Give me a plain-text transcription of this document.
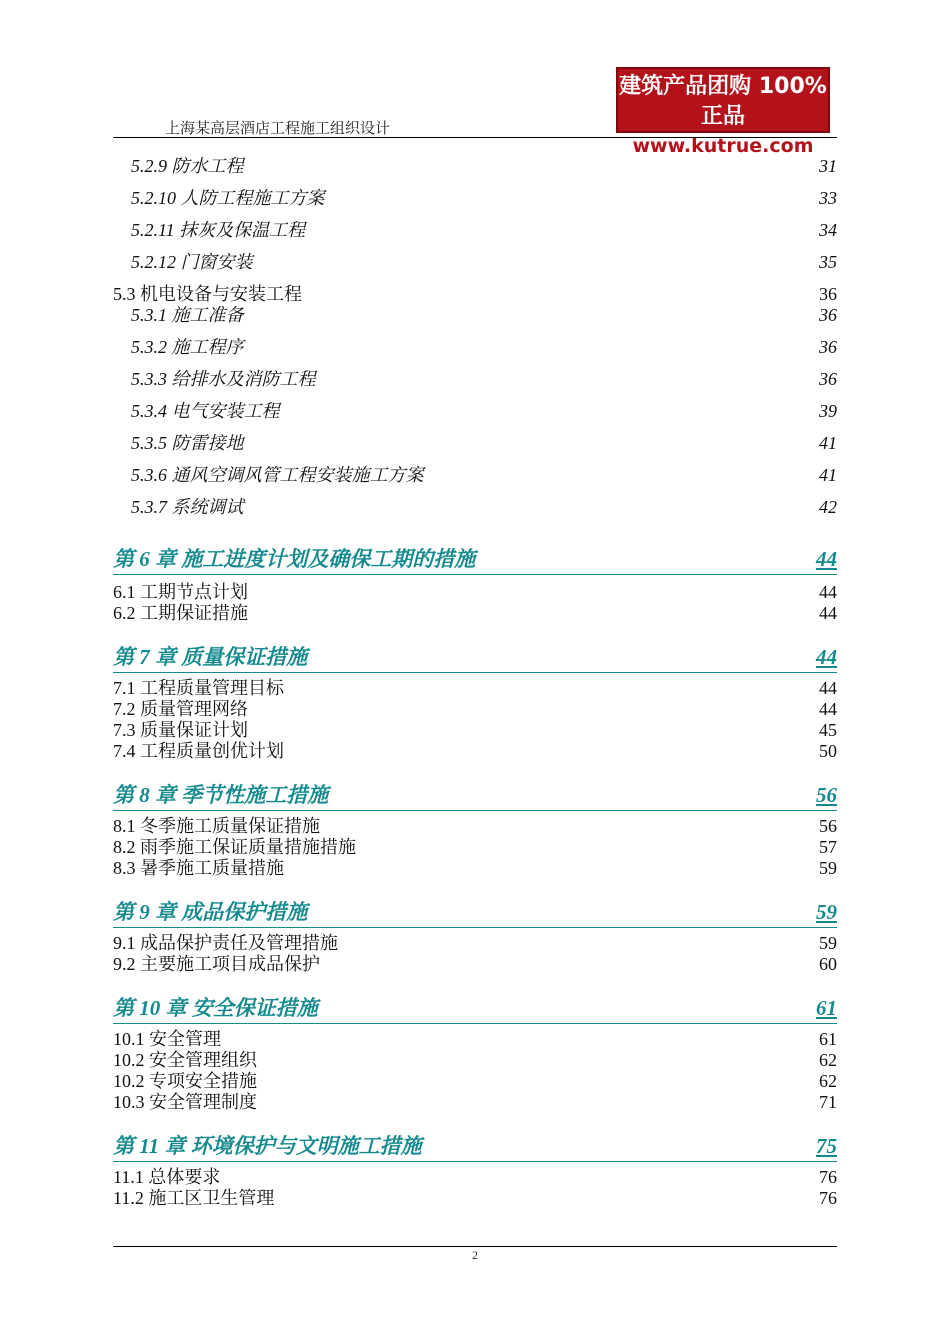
上海某高层酒店工程施工组织设计
建筑产品团购 100%正品
www.kutrue.com
5.2.9 防水工程	31
5.2.10 人防工程施工方案	33
5.2.11 抹灰及保温工程	34
5.2.12 门窗安装	35
5.3 机电设备与安装工程	36
5.3.1 施工准备	36
5.3.2 施工程序	36
5.3.3 给排水及消防工程	36
5.3.4 电气安装工程	39
5.3.5 防雷接地	41
5.3.6 通风空调风管工程安装施工方案	41
5.3.7 系统调试	42
第 6 章 施工进度计划及确保工期的措施	44
6.1 工期节点计划	44
6.2 工期保证措施	44
第 7 章 质量保证措施	44
7.1 工程质量管理目标	44
7.2 质量管理网络	44
7.3 质量保证计划	45
7.4 工程质量创优计划	50
第 8 章 季节性施工措施	56
8.1 冬季施工质量保证措施	56
8.2 雨季施工保证质量措施措施	57
8.3 暑季施工质量措施	59
第 9 章 成品保护措施	59
9.1 成品保护责任及管理措施	59
9.2 主要施工项目成品保护	60
第 10 章 安全保证措施	61
10.1 安全管理	61
10.2 安全管理组织	62
10.2 专项安全措施	62
10.3 安全管理制度	71
第 11 章 环境保护与文明施工措施	75
11.1 总体要求	76
11.2 施工区卫生管理	76
2
